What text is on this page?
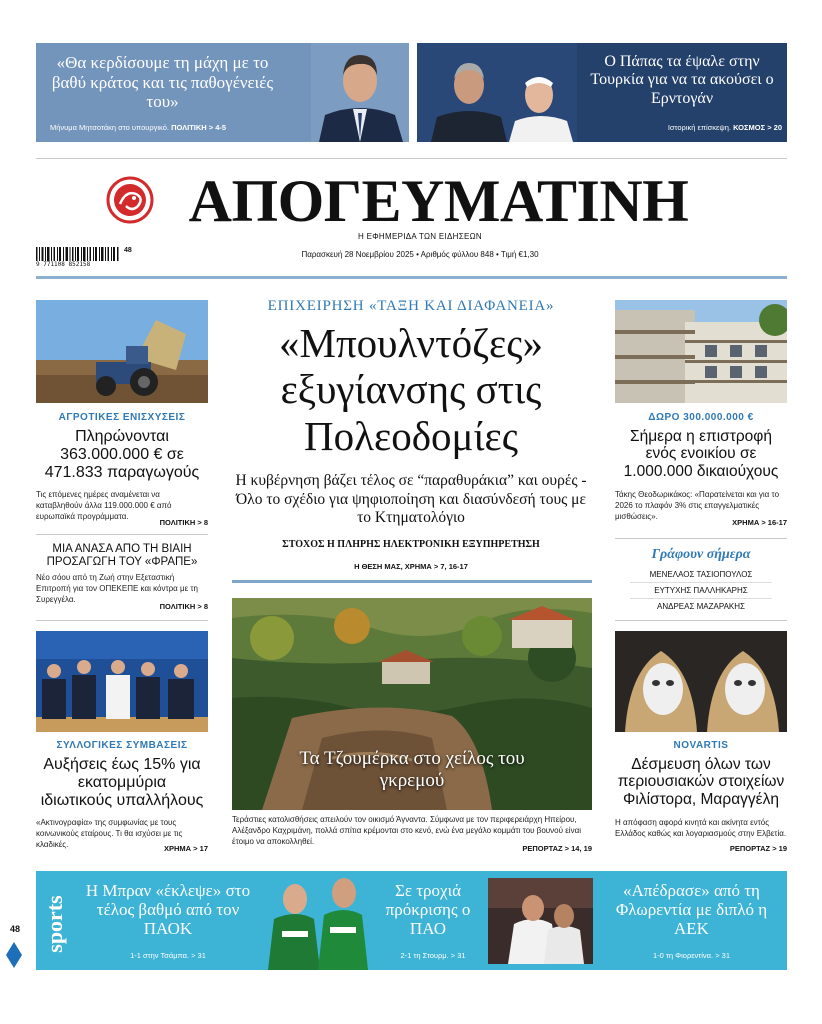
«Θα κερδίσουμε τη μάχη με το βαθύ κράτος και τις παθογένειές του»
Μήνυμα Μητσοτάκη στο υπουργικό. ΠΟΛΙΤΙΚΗ > 4-5
Ο Πάπας τα έψαλε στην Τουρκία για να τα ακούσει ο Ερντογάν
Ιστορική επίσκεψη. ΚΟΣΜΟΣ > 20
ΑΠΟΓΕΥΜΑΤΙΝΗ
Η ΕΦΗΜΕΡΙΔΑ ΤΩΝ ΕΙΔΗΣΕΩΝ
9 771108 852158
48	Παρασκευή 28 Νοεμβρίου 2025 • Αριθμός φύλλου 848 • Τιμή €1,30
ΑΓΡΟΤΙΚΕΣ ΕΝΙΣΧΥΣΕΙΣ
Πληρώνονται 363.000.000 € σε 471.833 παραγωγούς
Τις επόμενες ημέρες αναμένεται να καταβληθούν άλλα 119.000.000 € από ευρωπαϊκά προγράμματα.
ΠΟΛΙΤΙΚΗ > 8
ΜΙΑ ΑΝΑΣΑ ΑΠΟ ΤΗ ΒΙΑΙΗ ΠΡΟΣΑΓΩΓΗ ΤΟΥ «ΦΡΑΠΕ»
Νέο σόου από τη Ζωή στην Εξεταστική Επιτροπή για τον ΟΠΕΚΕΠΕ και κόντρα με τη Συρεγγέλα.
ΠΟΛΙΤΙΚΗ > 8
ΣΥΛΛΟΓΙΚΕΣ ΣΥΜΒΑΣΕΙΣ
Αυξήσεις έως 15% για εκατομμύρια ιδιωτικούς υπαλλήλους
«Ακτινογραφία» της συμφωνίας με τους κοινωνικούς εταίρους. Τι θα ισχύσει με τις κλαδικές.	ΧΡΗΜΑ > 17
ΕΠΙΧΕΙΡΗΣΗ «ΤΑΞΗ ΚΑΙ ΔΙΑΦΑΝΕΙΑ»
«Μπουλντόζες» εξυγίανσης στις Πολεοδομίες
Η κυβέρνηση βάζει τέλος σε “παραθυράκια” και ουρές - Όλο το σχέδιο για ψηφιοποίηση και διασύνδεσή τους με το Κτηματολόγιο
ΣΤΟΧΟΣ Η ΠΛΗΡΗΣ ΗΛΕΚΤΡΟΝΙΚΗ ΕΞΥΠΗΡΕΤΗΣΗ
Η ΘΕΣΗ ΜΑΣ, ΧΡΗΜΑ > 7, 16-17
Τα Τζουμέρκα στο χείλος του γκρεμού
Τεράστιες κατολισθήσεις απειλούν τον οικισμό Άγναντα. Σύμφωνα με τον περιφερειάρχη Ηπείρου, Αλέξανδρο Καχριμάνη, πολλά σπίτια κρέμονται στο κενό, ενώ ένα μεγάλο κομμάτι του βουνού είναι έτοιμο να αποκολληθεί.
ΡΕΠΟΡΤΑΖ > 14, 19
ΔΩΡΟ 300.000.000 €
Σήμερα η επιστροφή ενός ενοικίου σε 1.000.000 δικαιούχους
Τάκης Θεοδωρικάκος: «Παρατείνεται και για το 2026 το πλαφόν 3% στις επαγγελματικές μισθώσεις».
ΧΡΗΜΑ > 16-17
Γράφουν σήμερα
ΜΕΝΕΛΑΟΣ ΤΑΣΙΟΠΟΥΛΟΣ
ΕΥΤΥΧΗΣ ΠΑΛΛΗΚΑΡΗΣ
ΑΝΔΡΕΑΣ ΜΑΖΑΡΑΚΗΣ
NOVARTIS
Δέσμευση όλων των περιουσιακών στοιχείων Φιλίστορα, Μαραγγέλη
Η απόφαση αφορά κινητά και ακίνητα εντός Ελλάδος καθώς και λογαριασμούς στην Ελβετία.
ΡΕΠΟΡΤΑΖ > 19
sports
Η Μπραν «έκλεψε» στο τέλος βαθμό από τον ΠΑΟΚ
1-1 στην Τσάμπα. > 31
Σε τροχιά πρόκρισης ο ΠΑΟ
2-1 τη Στουρμ. > 31
«Απέδρασε» από τη Φλωρεντία με διπλό η ΑΕΚ
1-0 τη Φιορεντίνα. > 31
48
